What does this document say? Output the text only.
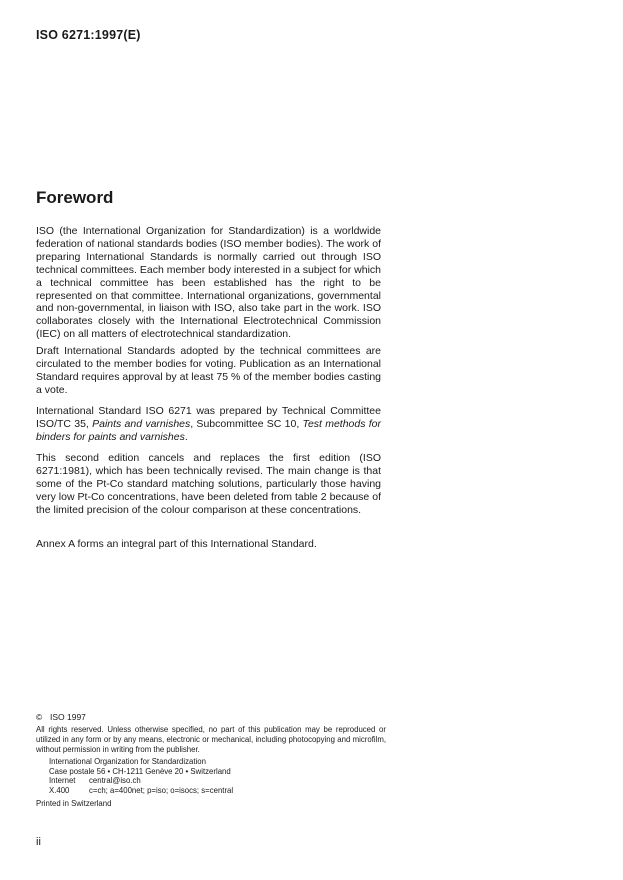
ISO 6271:1997(E)
Foreword
ISO (the International Organization for Standardization) is a worldwide federation of national standards bodies (ISO member bodies). The work of preparing International Standards is normally carried out through ISO technical committees. Each member body interested in a subject for which a technical committee has been established has the right to be represented on that committee. International organizations, governmental and non-governmental, in liaison with ISO, also take part in the work. ISO collaborates closely with the International Electrotechnical Commission (IEC) on all matters of electrotechnical standardization.
Draft International Standards adopted by the technical committees are circulated to the member bodies for voting. Publication as an International Standard requires approval by at least 75 % of the member bodies casting a vote.
International Standard ISO 6271 was prepared by Technical Committee ISO/TC 35, Paints and varnishes, Subcommittee SC 10, Test methods for binders for paints and varnishes.
This second edition cancels and replaces the first edition (ISO 6271:1981), which has been technically revised. The main change is that some of the Pt-Co standard matching solutions, particularly those having very low Pt-Co concentrations, have been deleted from table 2 because of the limited precision of the colour comparison at these concentrations.
Annex A forms an integral part of this International Standard.
© ISO 1997
All rights reserved. Unless otherwise specified, no part of this publication may be reproduced or utilized in any form or by any means, electronic or mechanical, including photocopying and microfilm, without permission in writing from the publisher.
International Organization for Standardization
Case postale 56 • CH-1211 Genève 20 • Switzerland
Internet central@iso.ch
X.400	c=ch; a=400net; p=iso; o=isocs; s=central
Printed in Switzerland
ii
